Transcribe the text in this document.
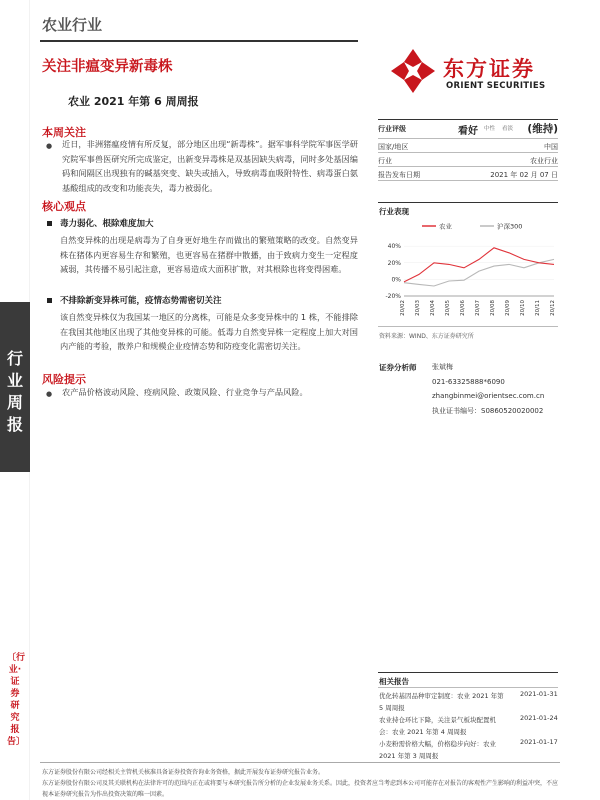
农业行业
关注非瘟变异新毒株
农业 2021 年第 6 周周报
东方证券
ORIENT SECURITIES
行业周报
〔行业·证券研究报告〕
本周关注
● 近日，非洲猪瘟疫情有所反复，部分地区出现“新毒株”。据军事科学院军事医学研究院军事兽医研究所完成鉴定，出新变异毒株是双基因缺失病毒，同时多处基因编码和间隔区出现独有的碱基突变、缺失或插入，导致病毒血吸附特性、病毒蛋白氨基酸组成的改变和功能丧失，毒力被弱化。
核心观点
毒力弱化、根除难度加大
自然变异株的出现是病毒为了自身更好地生存而做出的繁殖策略的改变。自然变异株在猪体内更容易生存和繁殖，也更容易在猪群中散播，由于致病力变生一定程度减弱，其传播不易引起注意，更容易造成大面积扩散，对其根除也将变得困难。
不排除新变异株可能，疫情态势需密切关注
该自然变异株仅为我国某一地区的分离株，可能是众多变异株中的 1 株，不能排除在我国其他地区出现了其他变异株的可能。低毒力自然变异株一定程度上加大对国内产能的考验，散养户和规模企业疫情态势和防疫变化需密切关注。
风险提示
● 农产品价格波动风险、疫病风险、政策风险、行业竞争与产品风险。
行业评级	看好 中性 看淡 (维持)
国家/地区	中国
行业	农业行业
报告发布日期	2021 年 02 月 07 日
行业表现
农业	沪深300
40%
20%
0%
-20%
20/02 20/03 20/04 20/05 20/06 20/07 20/08 20/09 20/10 20/11 20/12
资料来源：WIND、东方证券研究所
证券分析师 张斌梅
021-63325888*6090
zhangbinmei@orientsec.com.cn
执业证书编号：S0860520020002
相关报告
优化转基因品种审定制度：农业 2021 年第 5 周周报
2021-01-31
农业持仓环比下降，关注景气板块配置机会：农业 2021 年第 4 周周报
2021-01-24
小麦粉需价格大幅，价格稳步向好：农业 2021 年第 3 周周报
2021-01-17
东方证券股份有限公司经相关主管机关核准具备证券投资咨询业务资格，据此开展发布证券研究报告业务。
东方证券股份有限公司及其关联机构在法律许可的范围内正在或将要与本研究报告所分析的企业发展业务关系。因此，投资者应当考虑到本公司可能存在对报告的客观性产生影响的利益冲突，不应视本证券研究报告为作出投资决策的唯一因素。
